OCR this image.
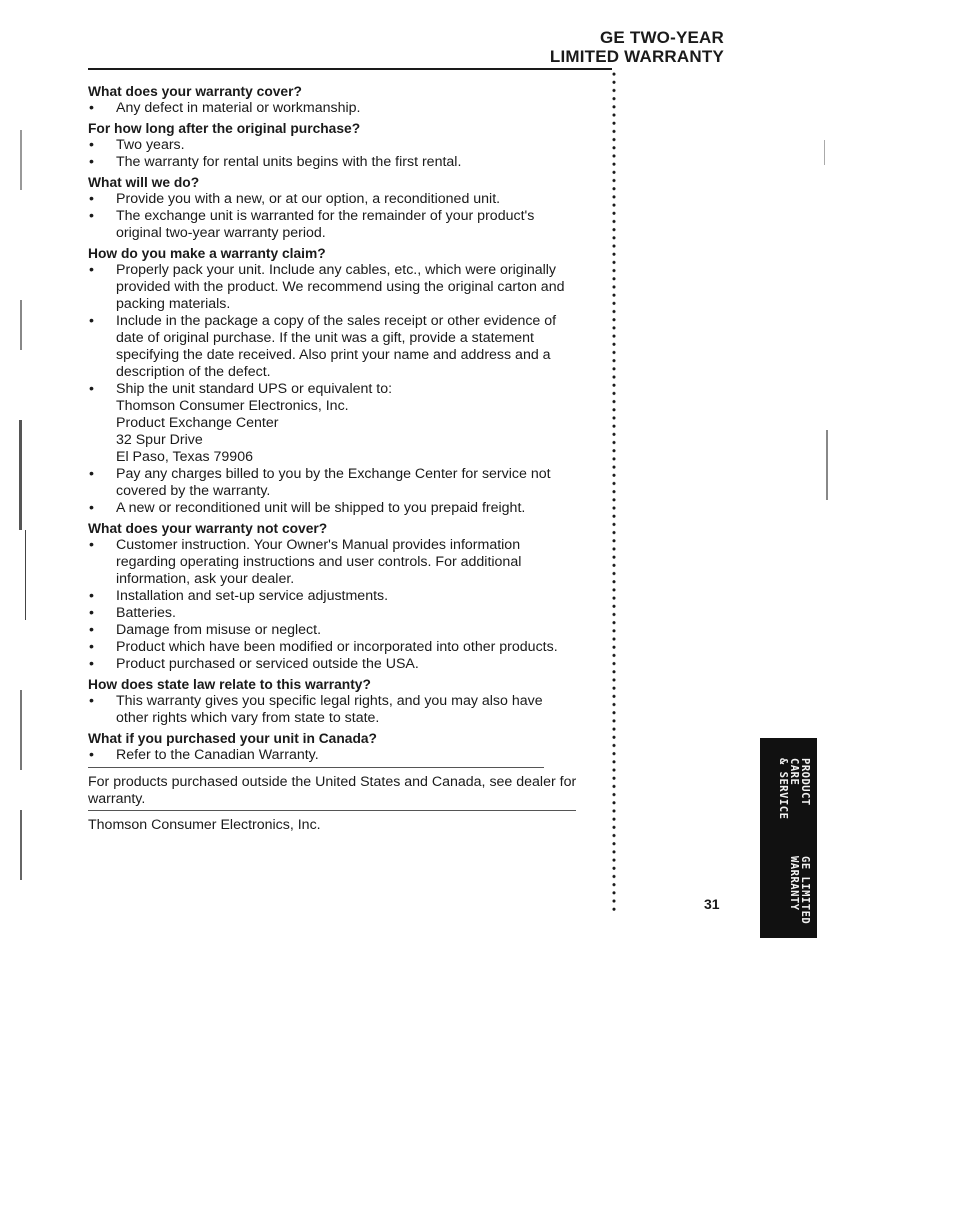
GE TWO-YEAR
LIMITED WARRANTY
What does your warranty cover?
• Any defect in material or workmanship.
For how long after the original purchase?
• Two years.
• The warranty for rental units begins with the first rental.
What will we do?
• Provide you with a new, or at our option, a reconditioned unit.
• The exchange unit is warranted for the remainder of your product's original two-year warranty period.
How do you make a warranty claim?
• Properly pack your unit. Include any cables, etc., which were originally provided with the product. We recommend using the original carton and packing materials.
• Include in the package a copy of the sales receipt or other evidence of date of original purchase. If the unit was a gift, provide a statement specifying the date received. Also print your name and address and a description of the defect.
• Ship the unit standard UPS or equivalent to:
Thomson Consumer Electronics, Inc.
Product Exchange Center
32 Spur Drive
El Paso, Texas 79906
• Pay any charges billed to you by the Exchange Center for service not covered by the warranty.
• A new or reconditioned unit will be shipped to you prepaid freight.
What does your warranty not cover?
• Customer instruction. Your Owner's Manual provides information regarding operating instructions and user controls. For additional information, ask your dealer.
• Installation and set-up service adjustments.
• Batteries.
• Damage from misuse or neglect.
• Product which have been modified or incorporated into other products.
• Product purchased or serviced outside the USA.
How does state law relate to this warranty?
• This warranty gives you specific legal rights, and you may also have other rights which vary from state to state.
What if you purchased your unit in Canada?
• Refer to the Canadian Warranty.
For products purchased outside the United States and Canada, see dealer for warranty.
Thomson Consumer Electronics, Inc.
31
PRODUCT
CARE
& SERVICE
GE LIMITED
WARRANTY
